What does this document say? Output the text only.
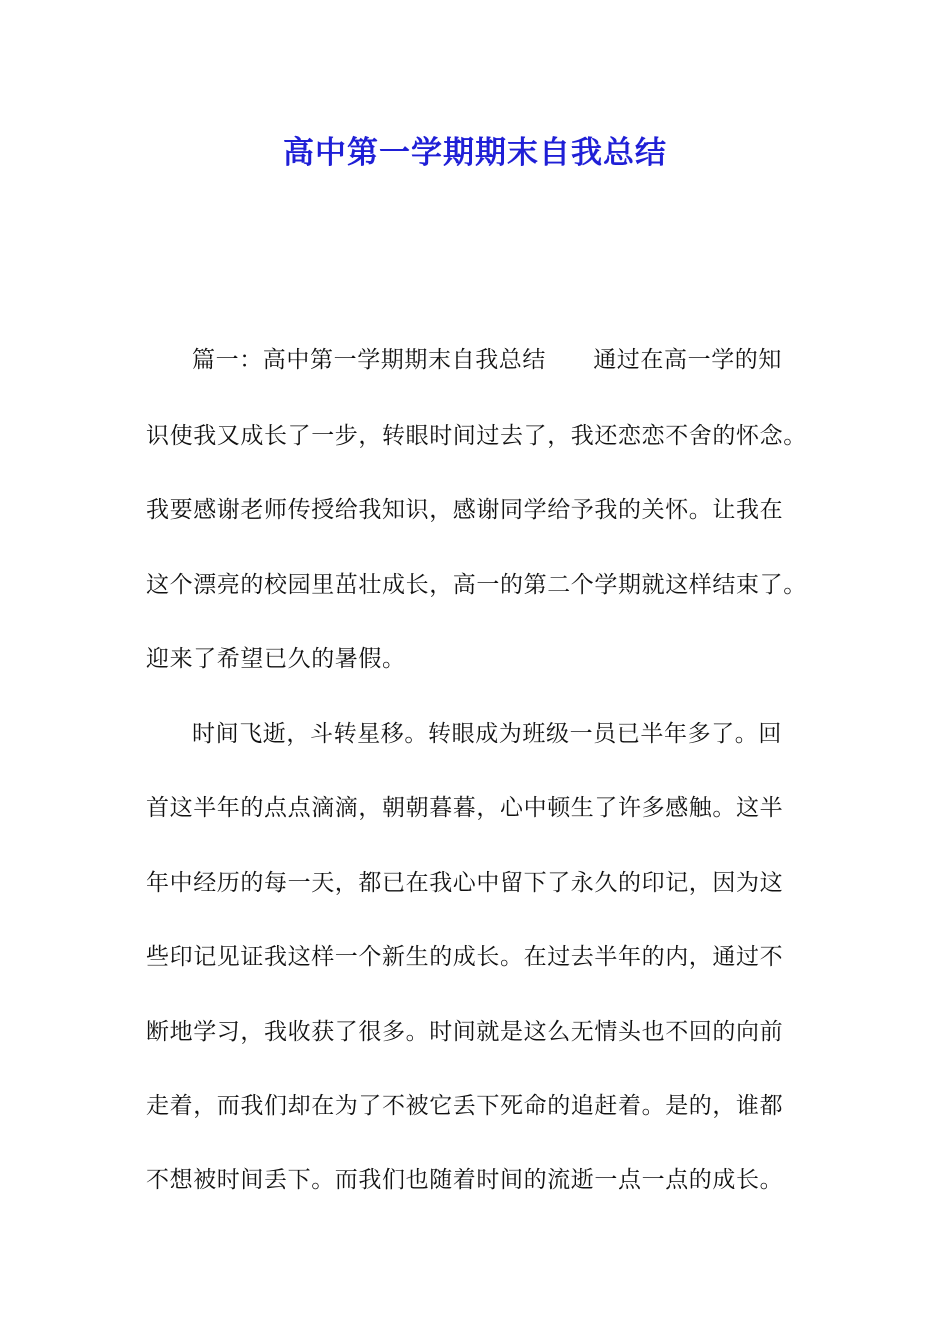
高中第一学期期末自我总结
篇一：高中第一学期期末自我总结　　通过在高一学的知
识使我又成长了一步，转眼时间过去了，我还恋恋不舍的怀念。
我要感谢老师传授给我知识，感谢同学给予我的关怀。让我在
这个漂亮的校园里茁壮成长，高一的第二个学期就这样结束了。
迎来了希望已久的暑假。
时间飞逝，斗转星移。转眼成为班级一员已半年多了。回
首这半年的点点滴滴，朝朝暮暮，心中顿生了许多感触。这半
年中经历的每一天，都已在我心中留下了永久的印记，因为这
些印记见证我这样一个新生的成长。在过去半年的内，通过不
断地学习，我收获了很多。时间就是这么无情头也不回的向前
走着，而我们却在为了不被它丢下死命的追赶着。是的，谁都
不想被时间丢下。而我们也随着时间的流逝一点一点的成长。
